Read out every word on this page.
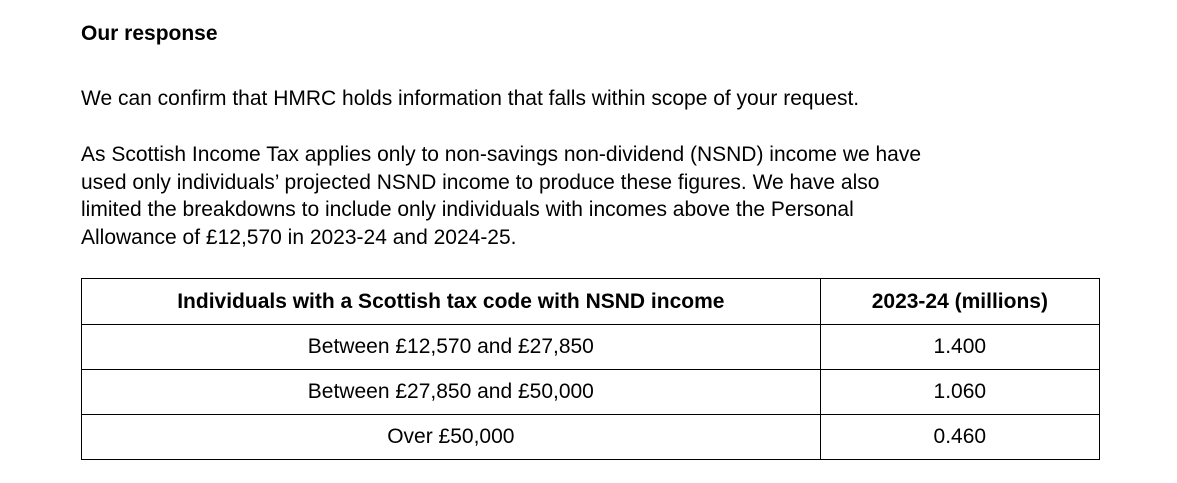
Our response

We can confirm that HMRC holds information that falls within scope of your request.

As Scottish Income Tax applies only to non-savings non-dividend (NSND) income we have
used only individuals’ projected NSND income to produce these figures. We have also
limited the breakdowns to include only individuals with incomes above the Personal
Allowance of £12,570 in 2023-24 and 2024-25.

Individuals with a Scottish tax code with NSND income	2023-24 (millions)
Between £12,570 and £27,850	1.400
Between £27,850 and £50,000	1.060
Over £50,000	0.460
